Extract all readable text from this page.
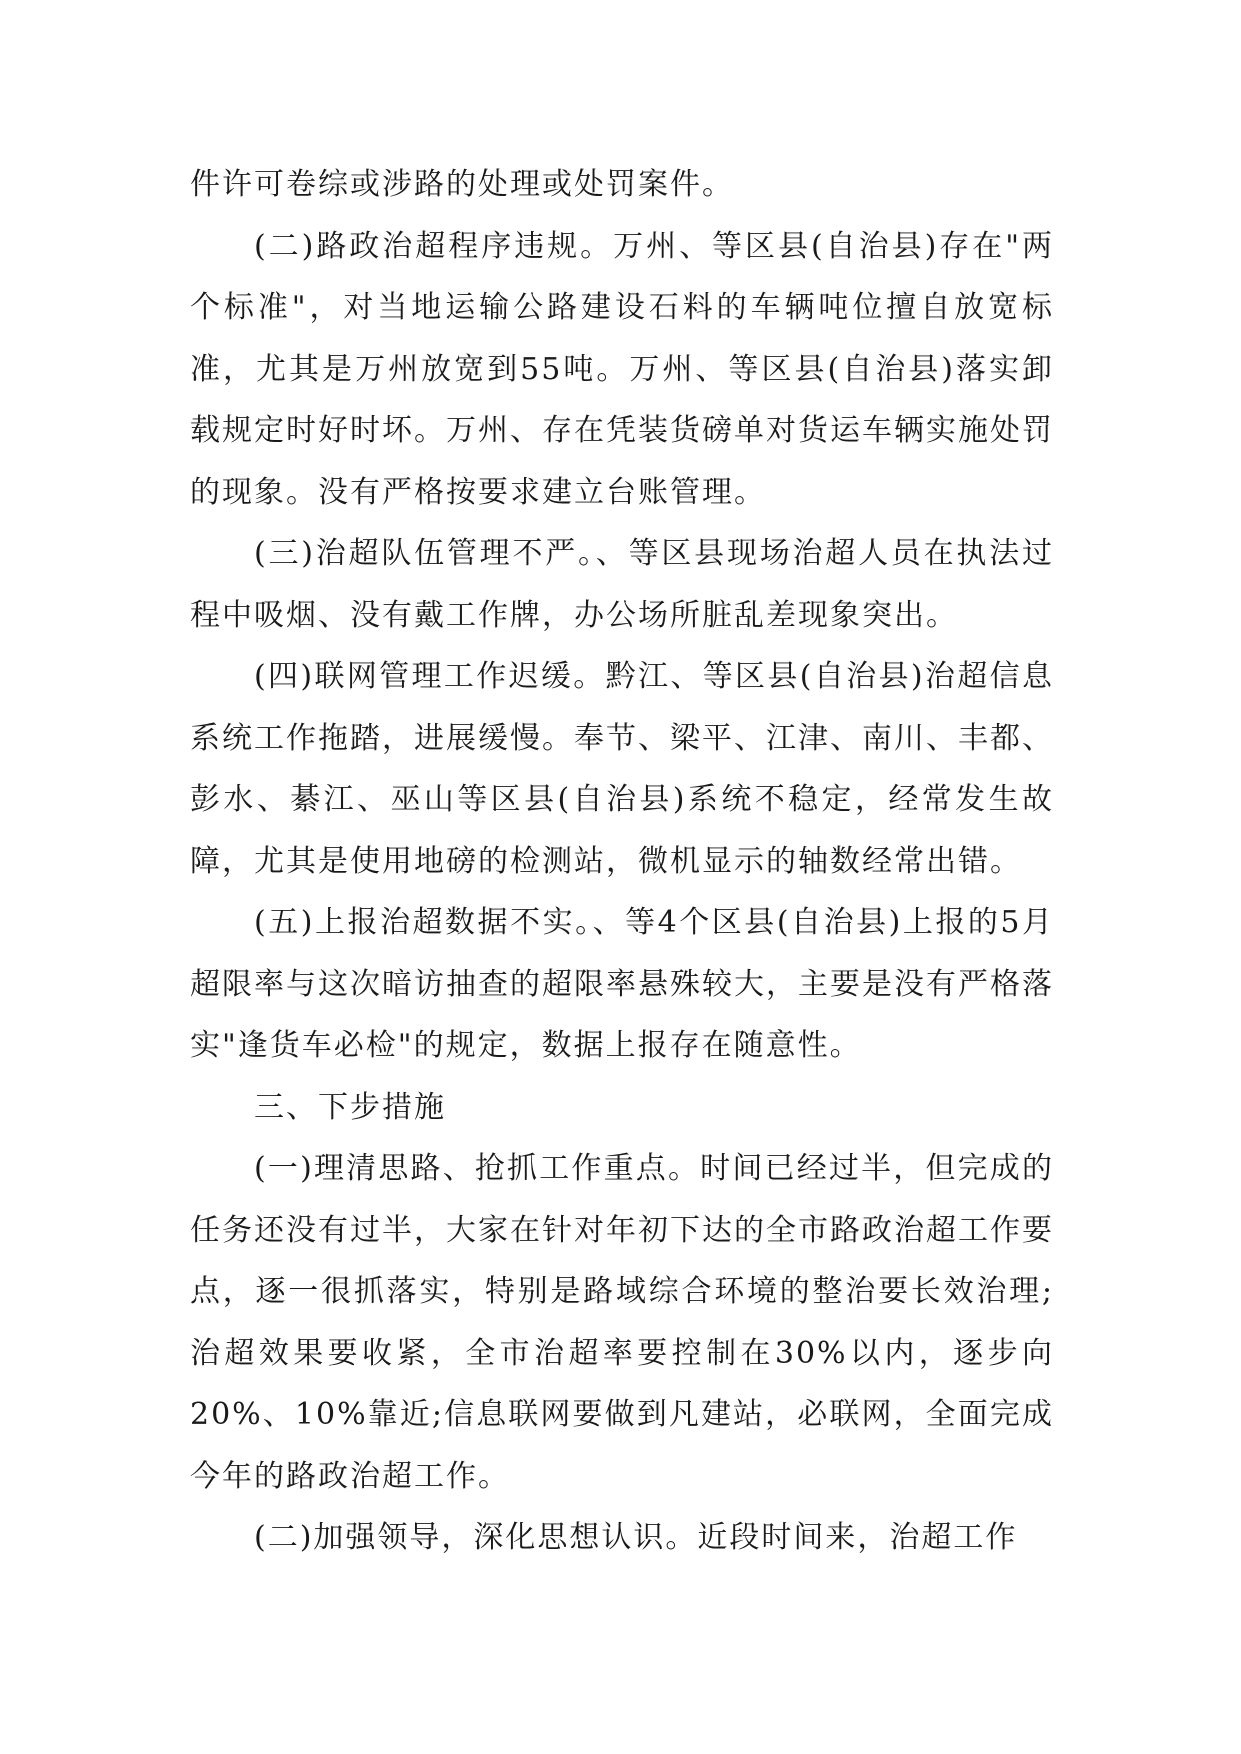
件许可卷综或涉路的处理或处罚案件。

(二)路政治超程序违规。万州、等区县(自治县)存在"两个标准"，对当地运输公路建设石料的车辆吨位擅自放宽标准，尤其是万州放宽到55吨。万州、等区县(自治县)落实卸载规定时好时坏。万州、存在凭装货磅单对货运车辆实施处罚的现象。没有严格按要求建立台账管理。

(三)治超队伍管理不严。、等区县现场治超人员在执法过程中吸烟、没有戴工作牌，办公场所脏乱差现象突出。

(四)联网管理工作迟缓。黔江、等区县(自治县)治超信息系统工作拖踏，进展缓慢。奉节、梁平、江津、南川、丰都、彭水、綦江、巫山等区县(自治县)系统不稳定，经常发生故障，尤其是使用地磅的检测站，微机显示的轴数经常出错。

(五)上报治超数据不实。、等4个区县(自治县)上报的5月超限率与这次暗访抽查的超限率悬殊较大，主要是没有严格落实"逢货车必检"的规定，数据上报存在随意性。

三、下步措施

(一)理清思路、抢抓工作重点。时间已经过半，但完成的任务还没有过半，大家在针对年初下达的全市路政治超工作要点，逐一很抓落实，特别是路域综合环境的整治要长效治理;治超效果要收紧，全市治超率要控制在30%以内，逐步向20%、10%靠近;信息联网要做到凡建站，必联网，全面完成今年的路政治超工作。

(二)加强领导，深化思想认识。近段时间来，治超工作
